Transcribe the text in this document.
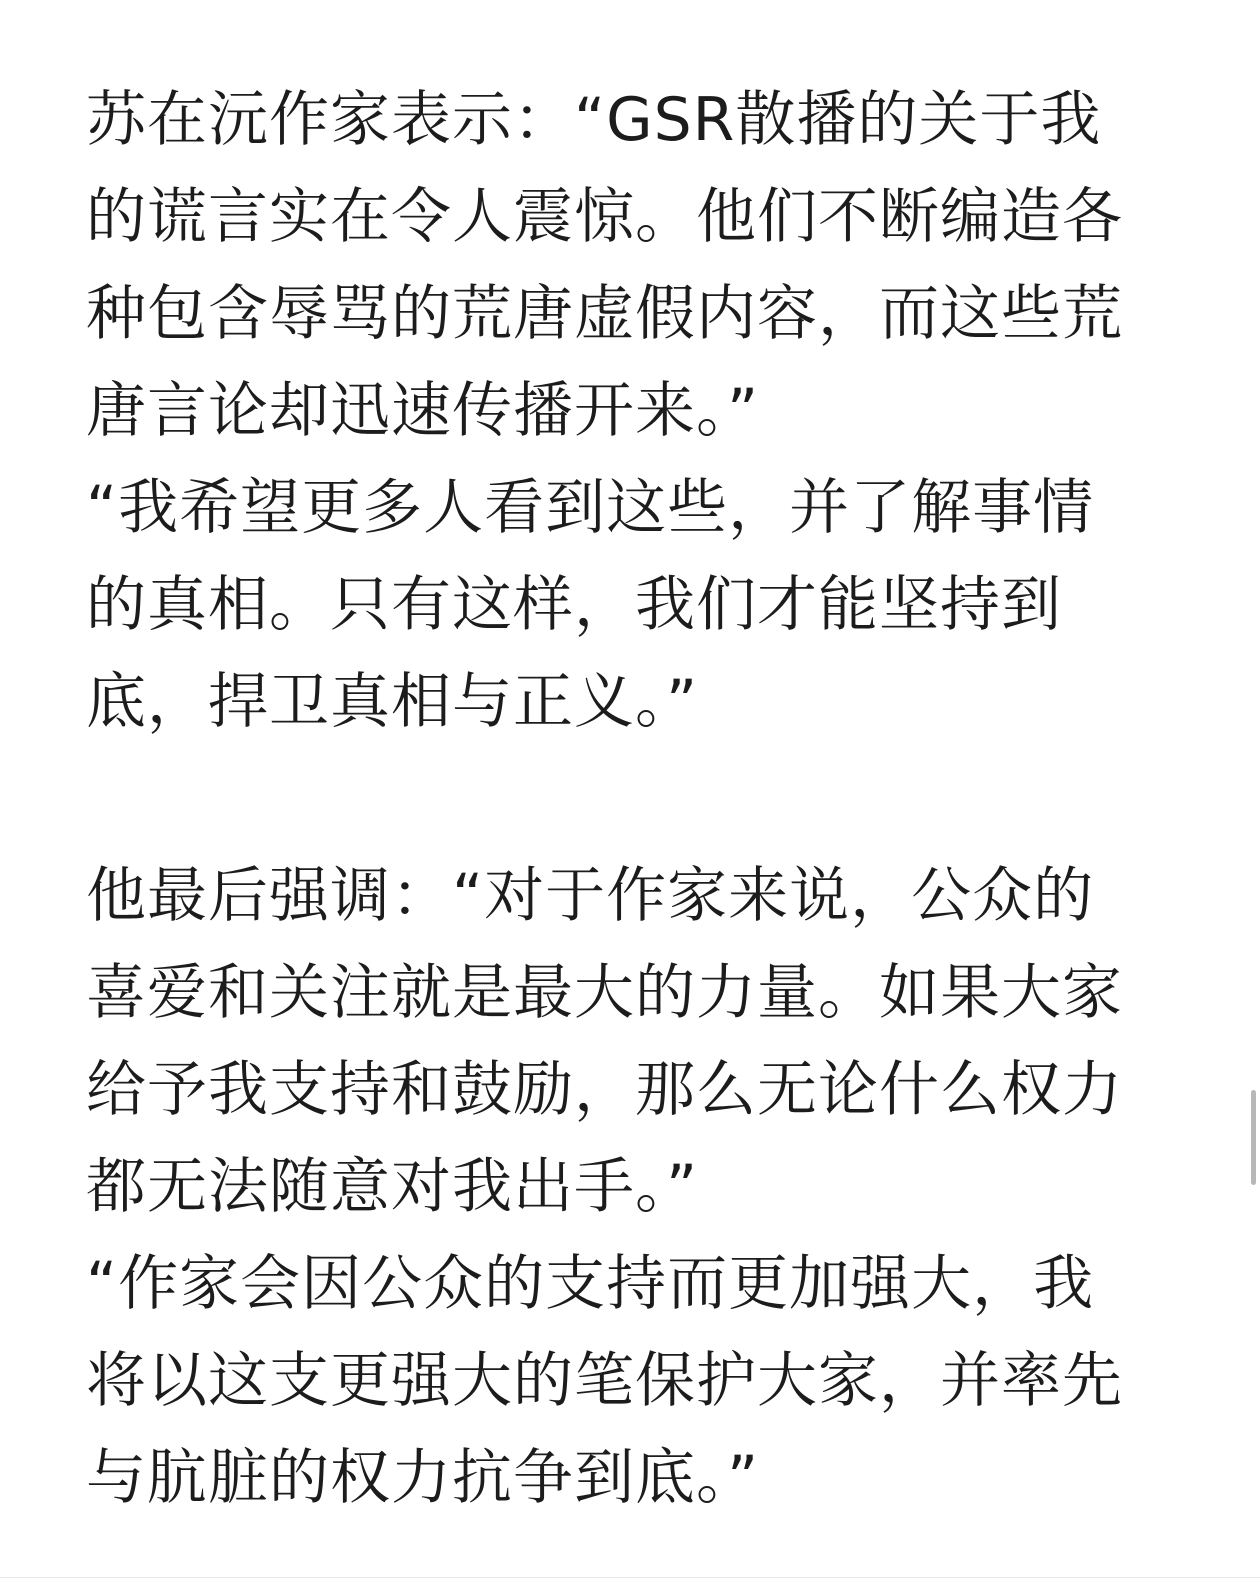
苏在沅作家表示：“GSR散播的关于我
的谎言实在令人震惊。他们不断编造各
种包含辱骂的荒唐虚假内容，而这些荒
唐言论却迅速传播开来。”
“我希望更多人看到这些，并了解事情
的真相。只有这样，我们才能坚持到
底，捍卫真相与正义。”
他最后强调：“对于作家来说，公众的
喜爱和关注就是最大的力量。如果大家
给予我支持和鼓励，那么无论什么权力
都无法随意对我出手。”
“作家会因公众的支持而更加强大，我
将以这支更强大的笔保护大家，并率先
与肮脏的权力抗争到底。”
